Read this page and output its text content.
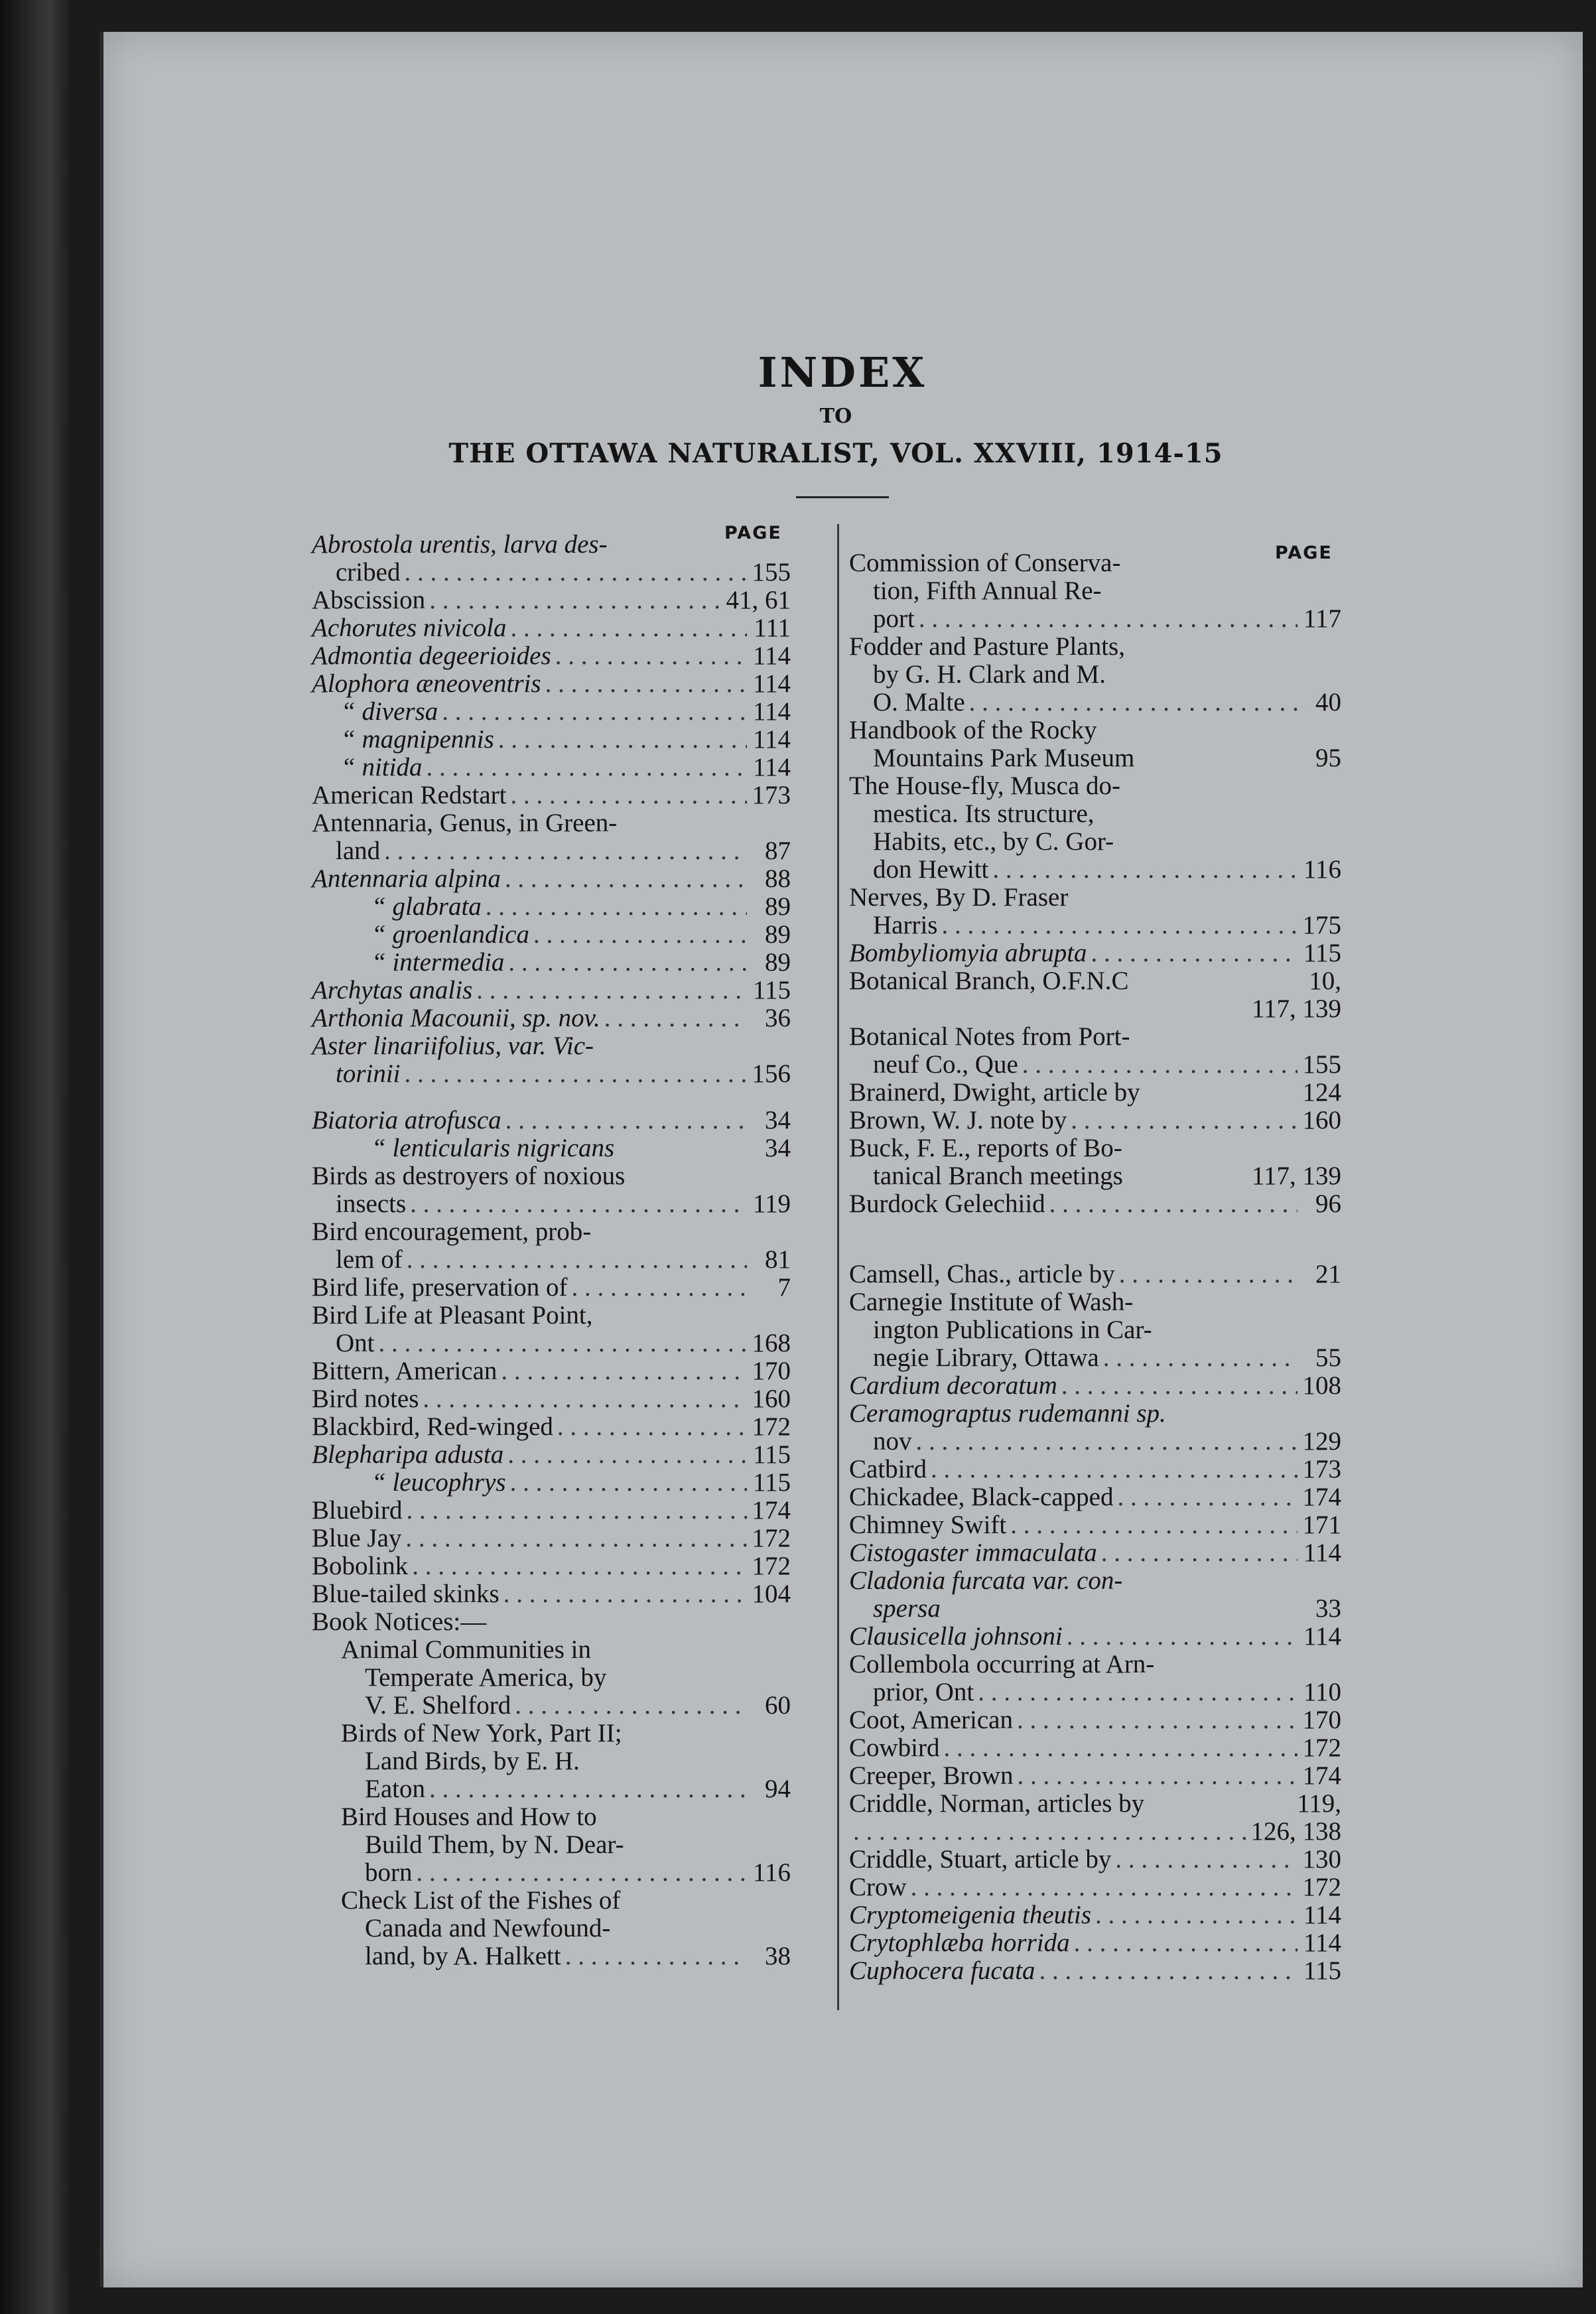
INDEX
TO
THE OTTAWA NATURALIST, VOL. XXVIII, 1914-15
PAGE
PAGE
Abrostola urentis, larva des-
cribed . . .	155
Abscission . . .	41, 61
Achorutes nivicola . . .	111
Admontia degeerioides . . .	114
Alophora æneoventris . . .	114
“ diversa . . .	114
“ magnipennis . . .	114
“ nitida . . .	114
American Redstart . . .	173
Antennaria, Genus, in Green-
land . . .	87
Antennaria alpina . . .	88
“ glabrata . . .	89
“ groenlandica . . .	89
“ intermedia . . .	89
Archytas analis . . .	115
Arthonia Macounii, sp. nov. . . .	36
Aster linariifolius, var. Vic-
torinii . . .	156
Biatoria atrofusca . . .	34
“ lenticularis nigricans	34
Birds as destroyers of noxious
insects . . .	119
Bird encouragement, prob-
lem of . . .	81
Bird life, preservation of . . .	7
Bird Life at Pleasant Point,
Ont . . .	168
Bittern, American . . .	170
Bird notes . . .	160
Blackbird, Red-winged . . .	172
Blepharipa adusta . . .	115
“ leucophrys . . .	115
Bluebird . . .	174
Blue Jay . . .	172
Bobolink . . .	172
Blue-tailed skinks . . .	104
Book Notices:—
Animal Communities in
Temperate America, by
V. E. Shelford . . .	60
Birds of New York, Part II;
Land Birds, by E. H.
Eaton . . .	94
Bird Houses and How to
Build Them, by N. Dear-
born . . .	116
Check List of the Fishes of
Canada and Newfound-
land, by A. Halkett . . .	38
Commission of Conserva-
tion, Fifth Annual Re-
port . . .	117
Fodder and Pasture Plants,
by G. H. Clark and M.
O. Malte . . .	40
Handbook of the Rocky
Mountains Park Museum	95
The House-fly, Musca do-
mestica. Its structure,
Habits, etc., by C. Gor-
don Hewitt . . .	116
Nerves, By D. Fraser
Harris . . .	175
Bombyliomyia abrupta . . .	115
Botanical Branch, O.F.N.C	10,
117, 139
Botanical Notes from Port-
neuf Co., Que . . .	155
Brainerd, Dwight, article by	124
Brown, W. J. note by . . .	160
Buck, F. E., reports of Bo-
tanical Branch meetings	117, 139
Burdock Gelechiid . . .	96
Camsell, Chas., article by . . .	21
Carnegie Institute of Wash-
ington Publications in Car-
negie Library, Ottawa . . .	55
Cardium decoratum . . .	108
Ceramograptus rudemanni sp.
nov . . .	129
Catbird . . .	173
Chickadee, Black-capped . . .	174
Chimney Swift . . .	171
Cistogaster immaculata . . .	114
Cladonia furcata var. con-
spersa	33
Clausicella johnsoni . . .	114
Collembola occurring at Arn-
prior, Ont . . .	110
Coot, American . . .	170
Cowbird . . .	172
Creeper, Brown . . .	174
Criddle, Norman, articles by	119,
. . .
126, 138
Criddle, Stuart, article by . . .	130
Crow . . .	172
Cryptomeigenia theutis . . .	114
Crytophlæba horrida . . .	114
Cuphocera fucata . . .	115
